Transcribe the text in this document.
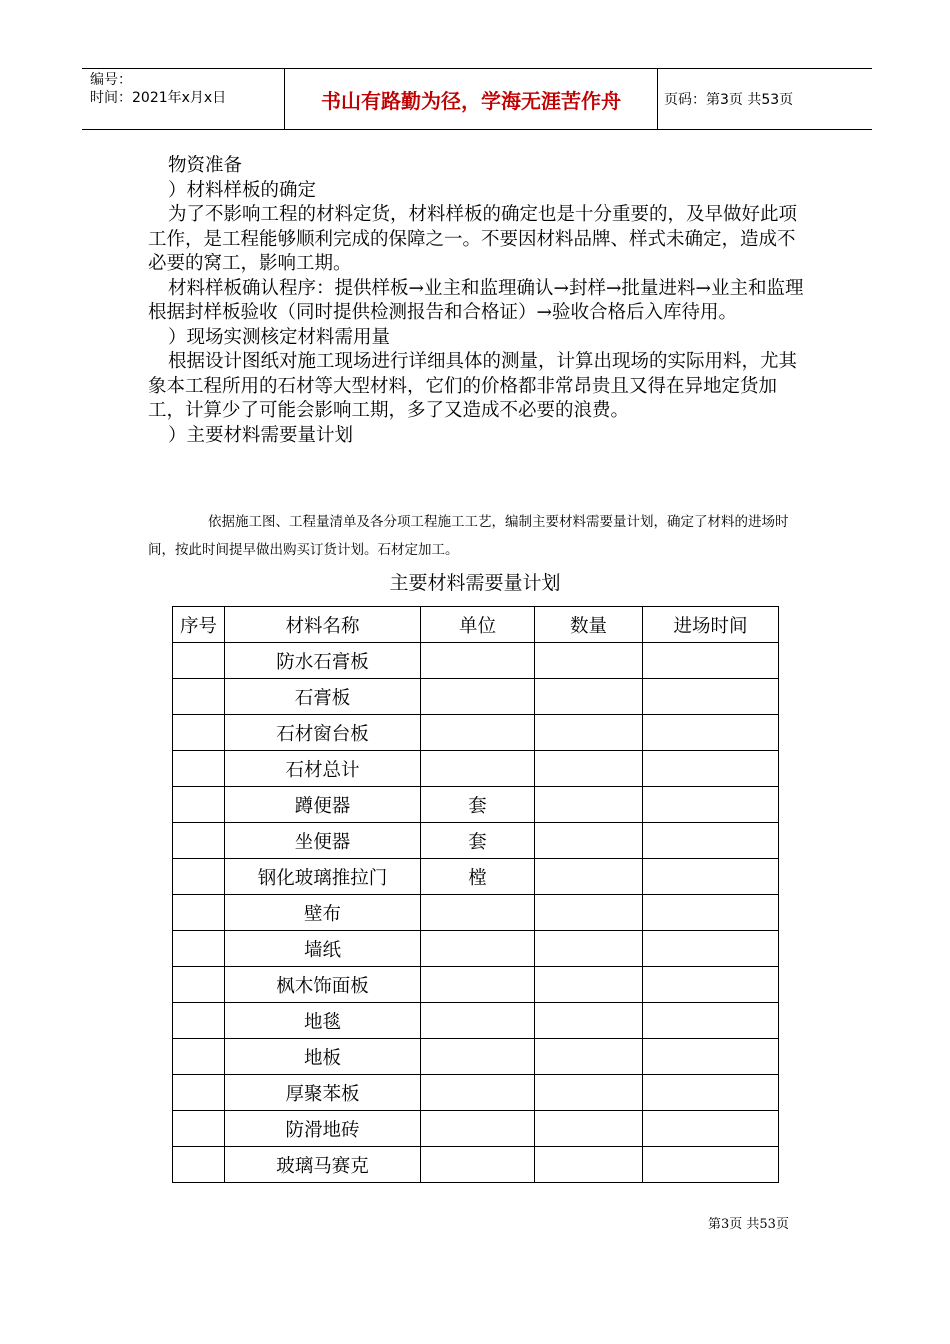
编号：
时间：2021年x月x日	书山有路勤为径，学海无涯苦作舟	页码：第3页 共53页

物资准备

）材料样板的确定

为了不影响工程的材料定货，材料样板的确定也是十分重要的，及早做好此项工作，是工程能够顺利完成的保障之一。不要因材料品牌、样式未确定，造成不必要的窝工，影响工期。

材料样板确认程序：提供样板→业主和监理确认→封样→批量进料→业主和监理根据封样板验收（同时提供检测报告和合格证）→验收合格后入库待用。

）现场实测核定材料需用量

根据设计图纸对施工现场进行详细具体的测量，计算出现场的实际用料，尤其象本工程所用的石材等大型材料，它们的价格都非常昂贵且又得在异地定货加工，计算少了可能会影响工期，多了又造成不必要的浪费。

）主要材料需要量计划

依据施工图、工程量清单及各分项工程施工工艺，编制主要材料需要量计划，确定了材料的进场时间，按此时间提早做出购买订货计划。石材定加工。

主要材料需要量计划
序号	材料名称	单位	数量	进场时间
	防水石膏板			
	石膏板			
	石材窗台板			
	石材总计			
	蹲便器	套		
	坐便器	套		
	钢化玻璃推拉门	樘		
	壁布			
	墙纸			
	枫木饰面板			
	地毯			
	地板			
	厚聚苯板			
	防滑地砖			
	玻璃马赛克			
第3页 共53页
